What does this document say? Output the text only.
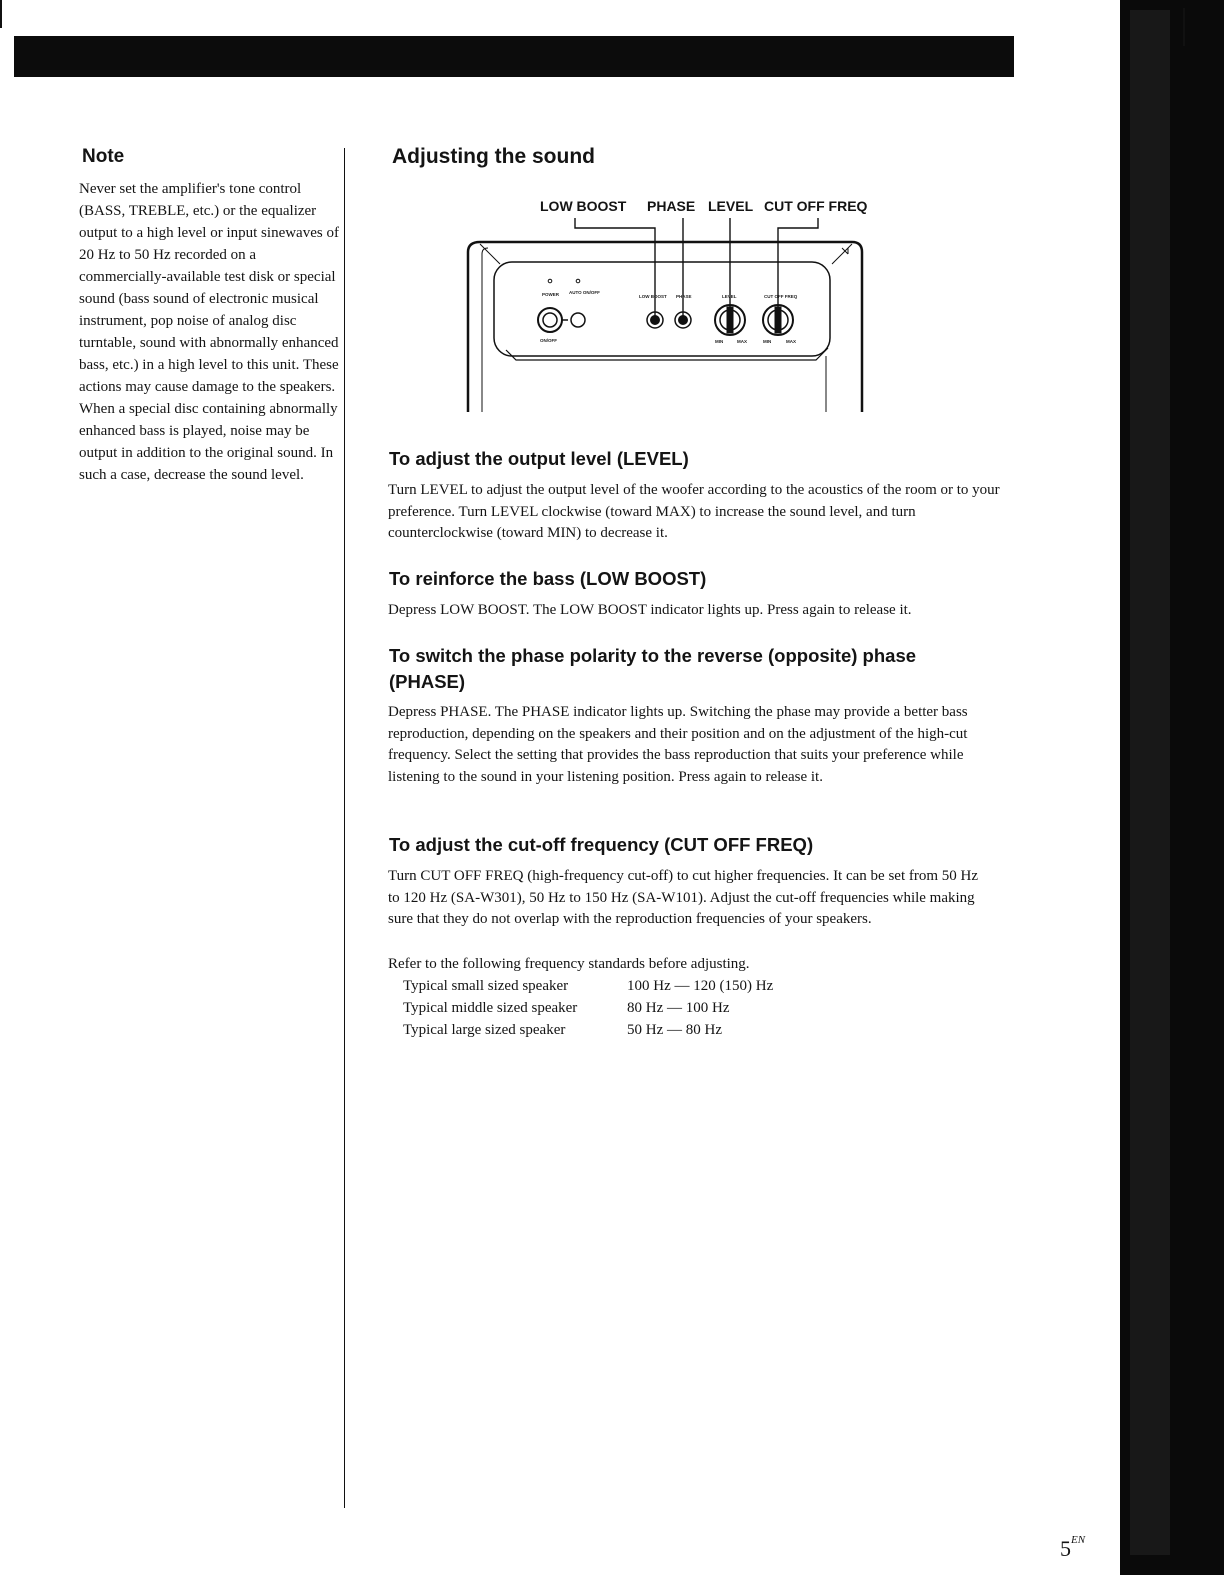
Note
Never set the amplifier's tone control (BASS, TREBLE, etc.) or the equalizer output to a high level or input sinewaves of 20 Hz to 50 Hz recorded on a commercially-available test disk or special sound (bass sound of electronic musical instrument, pop noise of analog disc turntable, sound with abnormally enhanced bass, etc.) in a high level to this unit. These actions may cause damage to the speakers. When a special disc containing abnormally enhanced bass is played, noise may be output in addition to the original sound. In such a case, decrease the sound level.
Adjusting the sound
LOW BOOST PHASE LEVEL CUT OFF FREQ
POWER AUTO ON/OFF
LOW BOOST PHASE	LEVEL	CUT OFF FREQ
ON/OFF	MIN	MAX	MIN	MAX
To adjust the output level (LEVEL)
Turn LEVEL to adjust the output level of the woofer according to the acoustics of the room or to your preference. Turn LEVEL clockwise (toward MAX) to increase the sound level, and turn counterclockwise (toward MIN) to decrease it.
To reinforce the bass (LOW BOOST)
Depress LOW BOOST. The LOW BOOST indicator lights up. Press again to release it.
To switch the phase polarity to the reverse (opposite) phase (PHASE)
Depress PHASE. The PHASE indicator lights up. Switching the phase may provide a better bass reproduction, depending on the speakers and their position and on the adjustment of the high-cut frequency. Select the setting that provides the bass reproduction that suits your preference while listening to the sound in your listening position. Press again to release it.
To adjust the cut-off frequency (CUT OFF FREQ)
Turn CUT OFF FREQ (high-frequency cut-off) to cut higher frequencies. It can be set from 50 Hz to 120 Hz (SA-W301), 50 Hz to 150 Hz (SA-W101). Adjust the cut-off frequencies while making sure that they do not overlap with the reproduction frequencies of your speakers.
Refer to the following frequency standards before adjusting.
Typical small sized speaker	100 Hz — 120 (150) Hz
Typical middle sized speaker	80 Hz — 100 Hz
Typical large sized speaker	50 Hz — 80 Hz
$5^{EN}$
